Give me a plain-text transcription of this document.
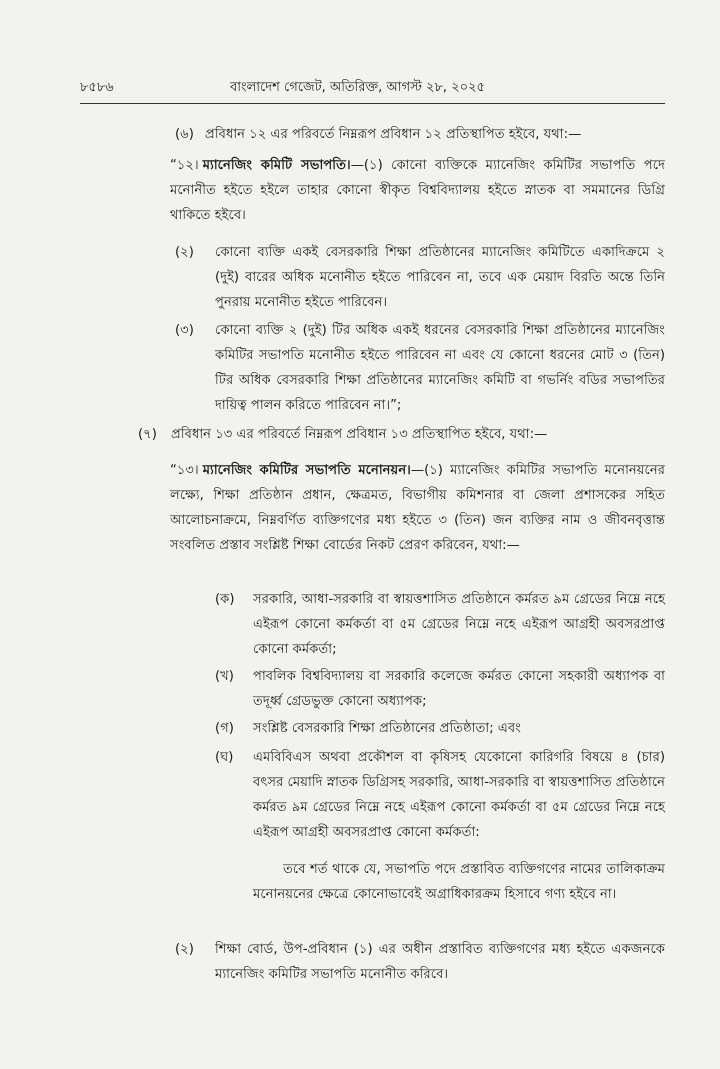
৮৫৮৬	বাংলাদেশ গেজেট, অতিরিক্ত, আগস্ট ২৮, ২০২৫
(৬) প্রবিধান ১২ এর পরিবর্তে নিম্নরূপ প্রবিধান ১২ প্রতিস্থাপিত হইবে, যথা:—
“১২। ম্যানেজিং কমিটি সভাপতি।—(১) কোনো ব্যক্তিকে ম্যানেজিং কমিটির সভাপতি পদে মনোনীত হইতে হইলে তাহার কোনো স্বীকৃত বিশ্ববিদ্যালয় হইতে স্নাতক বা সমমানের ডিগ্রি থাকিতে হইবে।
(২) কোনো ব্যক্তি একই বেসরকারি শিক্ষা প্রতিষ্ঠানের ম্যানেজিং কমিটিতে একাদিক্রমে ২ (দুই) বারের অধিক মনোনীত হইতে পারিবেন না, তবে এক মেয়াদ বিরতি অন্তে তিনি পুনরায় মনোনীত হইতে পারিবেন।
(৩) কোনো ব্যক্তি ২ (দুই) টির অধিক একই ধরনের বেসরকারি শিক্ষা প্রতিষ্ঠানের ম্যানেজিং কমিটির সভাপতি মনোনীত হইতে পারিবেন না এবং যে কোনো ধরনের মোট ৩ (তিন) টির অধিক বেসরকারি শিক্ষা প্রতিষ্ঠানের ম্যানেজিং কমিটি বা গভর্নিং বডির সভাপতির দায়িত্ব পালন করিতে পারিবেন না।”;
(৭) প্রবিধান ১৩ এর পরিবর্তে নিম্নরূপ প্রবিধান ১৩ প্রতিস্থাপিত হইবে, যথা:—
“১৩। ম্যানেজিং কমিটির সভাপতি মনোনয়ন।—(১) ম্যানেজিং কমিটির সভাপতি মনোনয়নের লক্ষ্যে, শিক্ষা প্রতিষ্ঠান প্রধান, ক্ষেত্রমত, বিভাগীয় কমিশনার বা জেলা প্রশাসকের সহিত আলোচনাক্রমে, নিম্নবর্ণিত ব্যক্তিগণের মধ্য হইতে ৩ (তিন) জন ব্যক্তির নাম ও জীবনবৃত্তান্ত সংবলিত প্রস্তাব সংশ্লিষ্ট শিক্ষা বোর্ডের নিকট প্রেরণ করিবেন, যথা:—
(ক) সরকারি, আধা-সরকারি বা স্বায়ত্তশাসিত প্রতিষ্ঠানে কর্মরত ৯ম গ্রেডের নিম্নে নহে এইরূপ কোনো কর্মকর্তা বা ৫ম গ্রেডের নিম্নে নহে এইরূপ আগ্রহী অবসরপ্রাপ্ত কোনো কর্মকর্তা;
(খ) পাবলিক বিশ্ববিদ্যালয় বা সরকারি কলেজে কর্মরত কোনো সহকারী অধ্যাপক বা তদূর্ধ্ব গ্রেডভুক্ত কোনো অধ্যাপক;
(গ) সংশ্লিষ্ট বেসরকারি শিক্ষা প্রতিষ্ঠানের প্রতিষ্ঠাতা; এবং
(ঘ) এমবিবিএস অথবা প্রকৌশল বা কৃষিসহ যেকোনো কারিগরি বিষয়ে ৪ (চার) বৎসর মেয়াদি স্নাতক ডিগ্রিসহ সরকারি, আধা-সরকারি বা স্বায়ত্তশাসিত প্রতিষ্ঠানে কর্মরত ৯ম গ্রেডের নিম্নে নহে এইরূপ কোনো কর্মকর্তা বা ৫ম গ্রেডের নিম্নে নহে এইরূপ আগ্রহী অবসরপ্রাপ্ত কোনো কর্মকর্তা:
তবে শর্ত থাকে যে, সভাপতি পদে প্রস্তাবিত ব্যক্তিগণের নামের তালিকাক্রম মনোনয়নের ক্ষেত্রে কোনোভাবেই অগ্রাধিকারক্রম হিসাবে গণ্য হইবে না।
(২) শিক্ষা বোর্ড, উপ-প্রবিধান (১) এর অধীন প্রস্তাবিত ব্যক্তিগণের মধ্য হইতে একজনকে ম্যানেজিং কমিটির সভাপতি মনোনীত করিবে।
